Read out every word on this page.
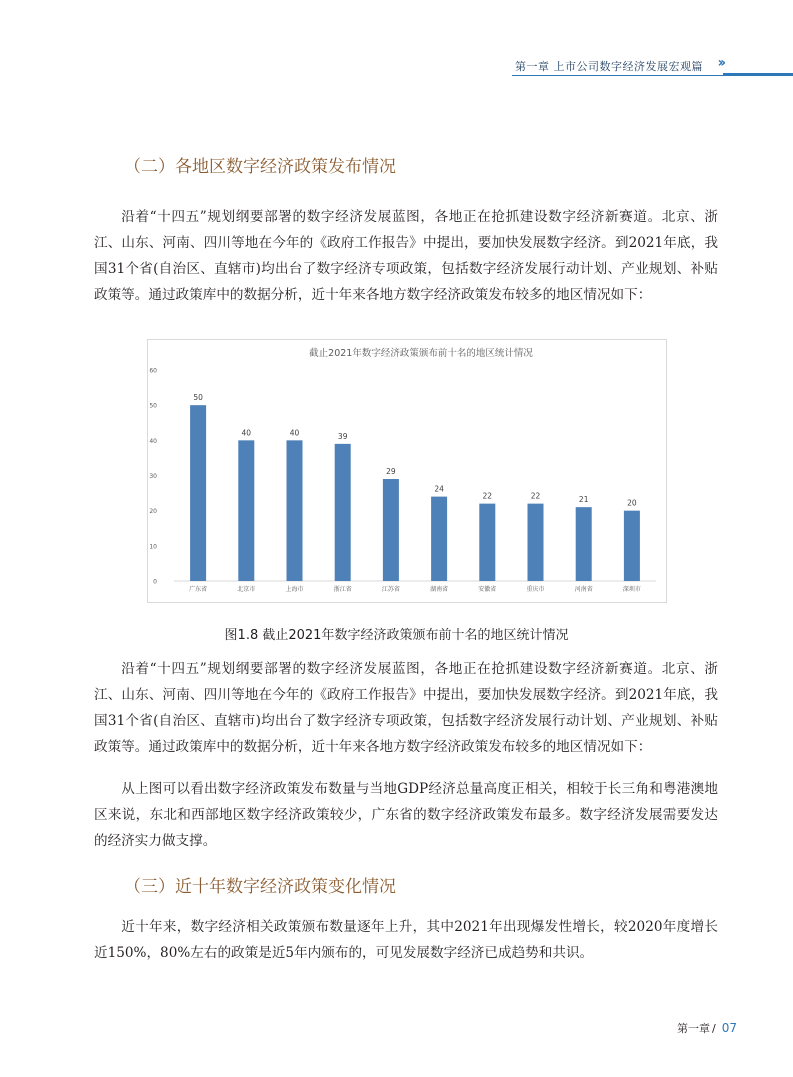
第一章 上市公司数字经济发展宏观篇 ››
（二）各地区数字经济政策发布情况

沿着“十四五”规划纲要部署的数字经济发展蓝图，各地正在抢抓建设数字经济新赛道。北京、浙江、山东、河南、四川等地在今年的《政府工作报告》中提出，要加快发展数字经济。到2021年底，我国31个省(自治区、直辖市)均出台了数字经济专项政策，包括数字经济发展行动计划、产业规划、补贴政策等。通过政策库中的数据分析，近十年来各地方数字经济政策发布较多的地区情况如下：

截止2021年数字经济政策颁布前十名的地区统计情况
0
10
20
30
40
50
60
50
广东省
40
北京市
40
上海市
39
浙江省
29
江苏省
24
湖南省
22
安徽省
22
重庆市
21
河南省
20
深圳市
图1.8 截止2021年数字经济政策颁布前十名的地区统计情况

沿着“十四五”规划纲要部署的数字经济发展蓝图，各地正在抢抓建设数字经济新赛道。北京、浙江、山东、河南、四川等地在今年的《政府工作报告》中提出，要加快发展数字经济。到2021年底，我国31个省(自治区、直辖市)均出台了数字经济专项政策，包括数字经济发展行动计划、产业规划、补贴政策等。通过政策库中的数据分析，近十年来各地方数字经济政策发布较多的地区情况如下：

从上图可以看出数字经济政策发布数量与当地GDP经济总量高度正相关，相较于长三角和粤港澳地区来说，东北和西部地区数字经济政策较少，广东省的数字经济政策发布最多。数字经济发展需要发达的经济实力做支撑。

（三）近十年数字经济政策变化情况

近十年来，数字经济相关政策颁布数量逐年上升，其中2021年出现爆发性增长，较2020年度增长近150%，80%左右的政策是近5年内颁布的，可见发展数字经济已成趋势和共识。

第一章 / 07
